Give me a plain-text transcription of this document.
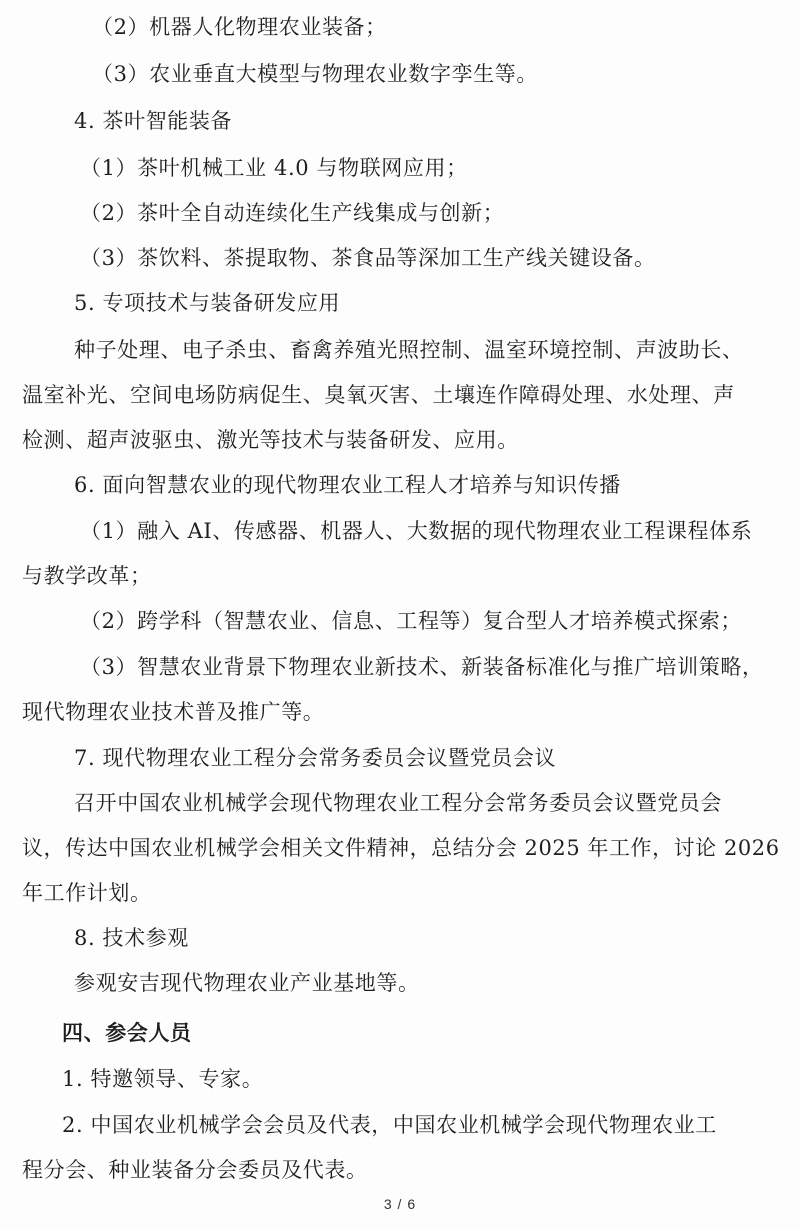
（2）机器人化物理农业装备；
（3）农业垂直大模型与物理农业数字孪生等。
4. 茶叶智能装备
（1）茶叶机械工业 4.0 与物联网应用；
（2）茶叶全自动连续化生产线集成与创新；
（3）茶饮料、茶提取物、茶食品等深加工生产线关键设备。
5. 专项技术与装备研发应用
种子处理、电子杀虫、畜禽养殖光照控制、温室环境控制、声波助长、
温室补光、空间电场防病促生、臭氧灭害、土壤连作障碍处理、水处理、声
检测、超声波驱虫、激光等技术与装备研发、应用。
6. 面向智慧农业的现代物理农业工程人才培养与知识传播
（1）融入 AI、传感器、机器人、大数据的现代物理农业工程课程体系
与教学改革；
（2）跨学科（智慧农业、信息、工程等）复合型人才培养模式探索；
（3）智慧农业背景下物理农业新技术、新装备标准化与推广培训策略，
现代物理农业技术普及推广等。
7. 现代物理农业工程分会常务委员会议暨党员会议
召开中国农业机械学会现代物理农业工程分会常务委员会议暨党员会
议，传达中国农业机械学会相关文件精神，总结分会 2025 年工作，讨论 2026
年工作计划。
8. 技术参观
参观安吉现代物理农业产业基地等。
四、参会人员
1. 特邀领导、专家。
2. 中国农业机械学会会员及代表，中国农业机械学会现代物理农业工
程分会、种业装备分会委员及代表。
3 / 6
